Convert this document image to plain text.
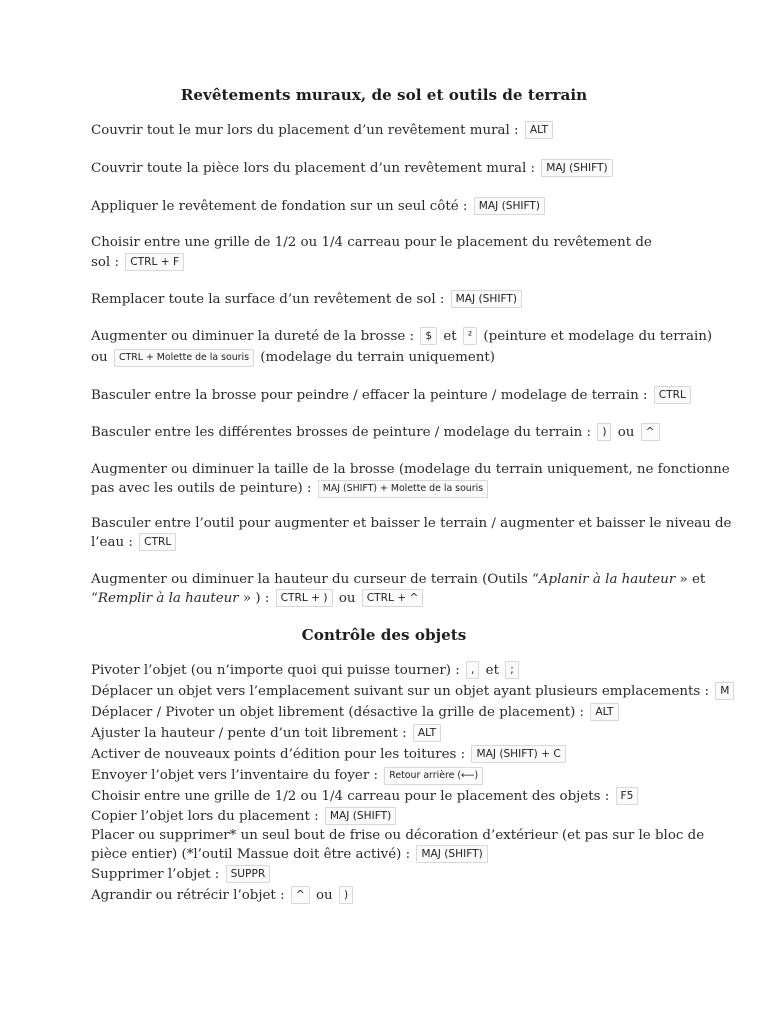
Revêtements muraux, de sol et outils de terrain
Couvrir tout le mur lors du placement d’un revêtement mural : ALT
Couvrir toute la pièce lors du placement d’un revêtement mural : MAJ (SHIFT)
Appliquer le revêtement de fondation sur un seul côté : MAJ (SHIFT)
Choisir entre une grille de 1/2 ou 1/4 carreau pour le placement du revêtement de
sol : CTRL + F
Remplacer toute la surface d’un revêtement de sol : MAJ (SHIFT)
Augmenter ou diminuer la dureté de la brosse : $ et ² (peinture et modelage du terrain)
ou CTRL + Molette de la souris (modelage du terrain uniquement)
Basculer entre la brosse pour peindre / effacer la peinture / modelage de terrain : CTRL
Basculer entre les différentes brosses de peinture / modelage du terrain : ) ou ^
Augmenter ou diminuer la taille de la brosse (modelage du terrain uniquement, ne fonctionne
pas avec les outils de peinture) : MAJ (SHIFT) + Molette de la souris
Basculer entre l’outil pour augmenter et baisser le terrain / augmenter et baisser le niveau de
l’eau : CTRL
Augmenter ou diminuer la hauteur du curseur de terrain (Outils “Aplanir à la hauteur » et
“Remplir à la hauteur » ) : CTRL + ) ou CTRL + ^
Contrôle des objets
Pivoter l’objet (ou n’importe quoi qui puisse tourner) : , et ;
Déplacer un objet vers l’emplacement suivant sur un objet ayant plusieurs emplacements : M
Déplacer / Pivoter un objet librement (désactive la grille de placement) : ALT
Ajuster la hauteur / pente d’un toit librement : ALT
Activer de nouveaux points d’édition pour les toitures : MAJ (SHIFT) + C
Envoyer l’objet vers l’inventaire du foyer : Retour arrière (⟵)
Choisir entre une grille de 1/2 ou 1/4 carreau pour le placement des objets : F5
Copier l’objet lors du placement : MAJ (SHIFT)
Placer ou supprimer* un seul bout de frise ou décoration d’extérieur (et pas sur le bloc de
pièce entier) (*l’outil Massue doit être activé) : MAJ (SHIFT)
Supprimer l’objet : SUPPR
Agrandir ou rétrécir l’objet : ^ ou )
